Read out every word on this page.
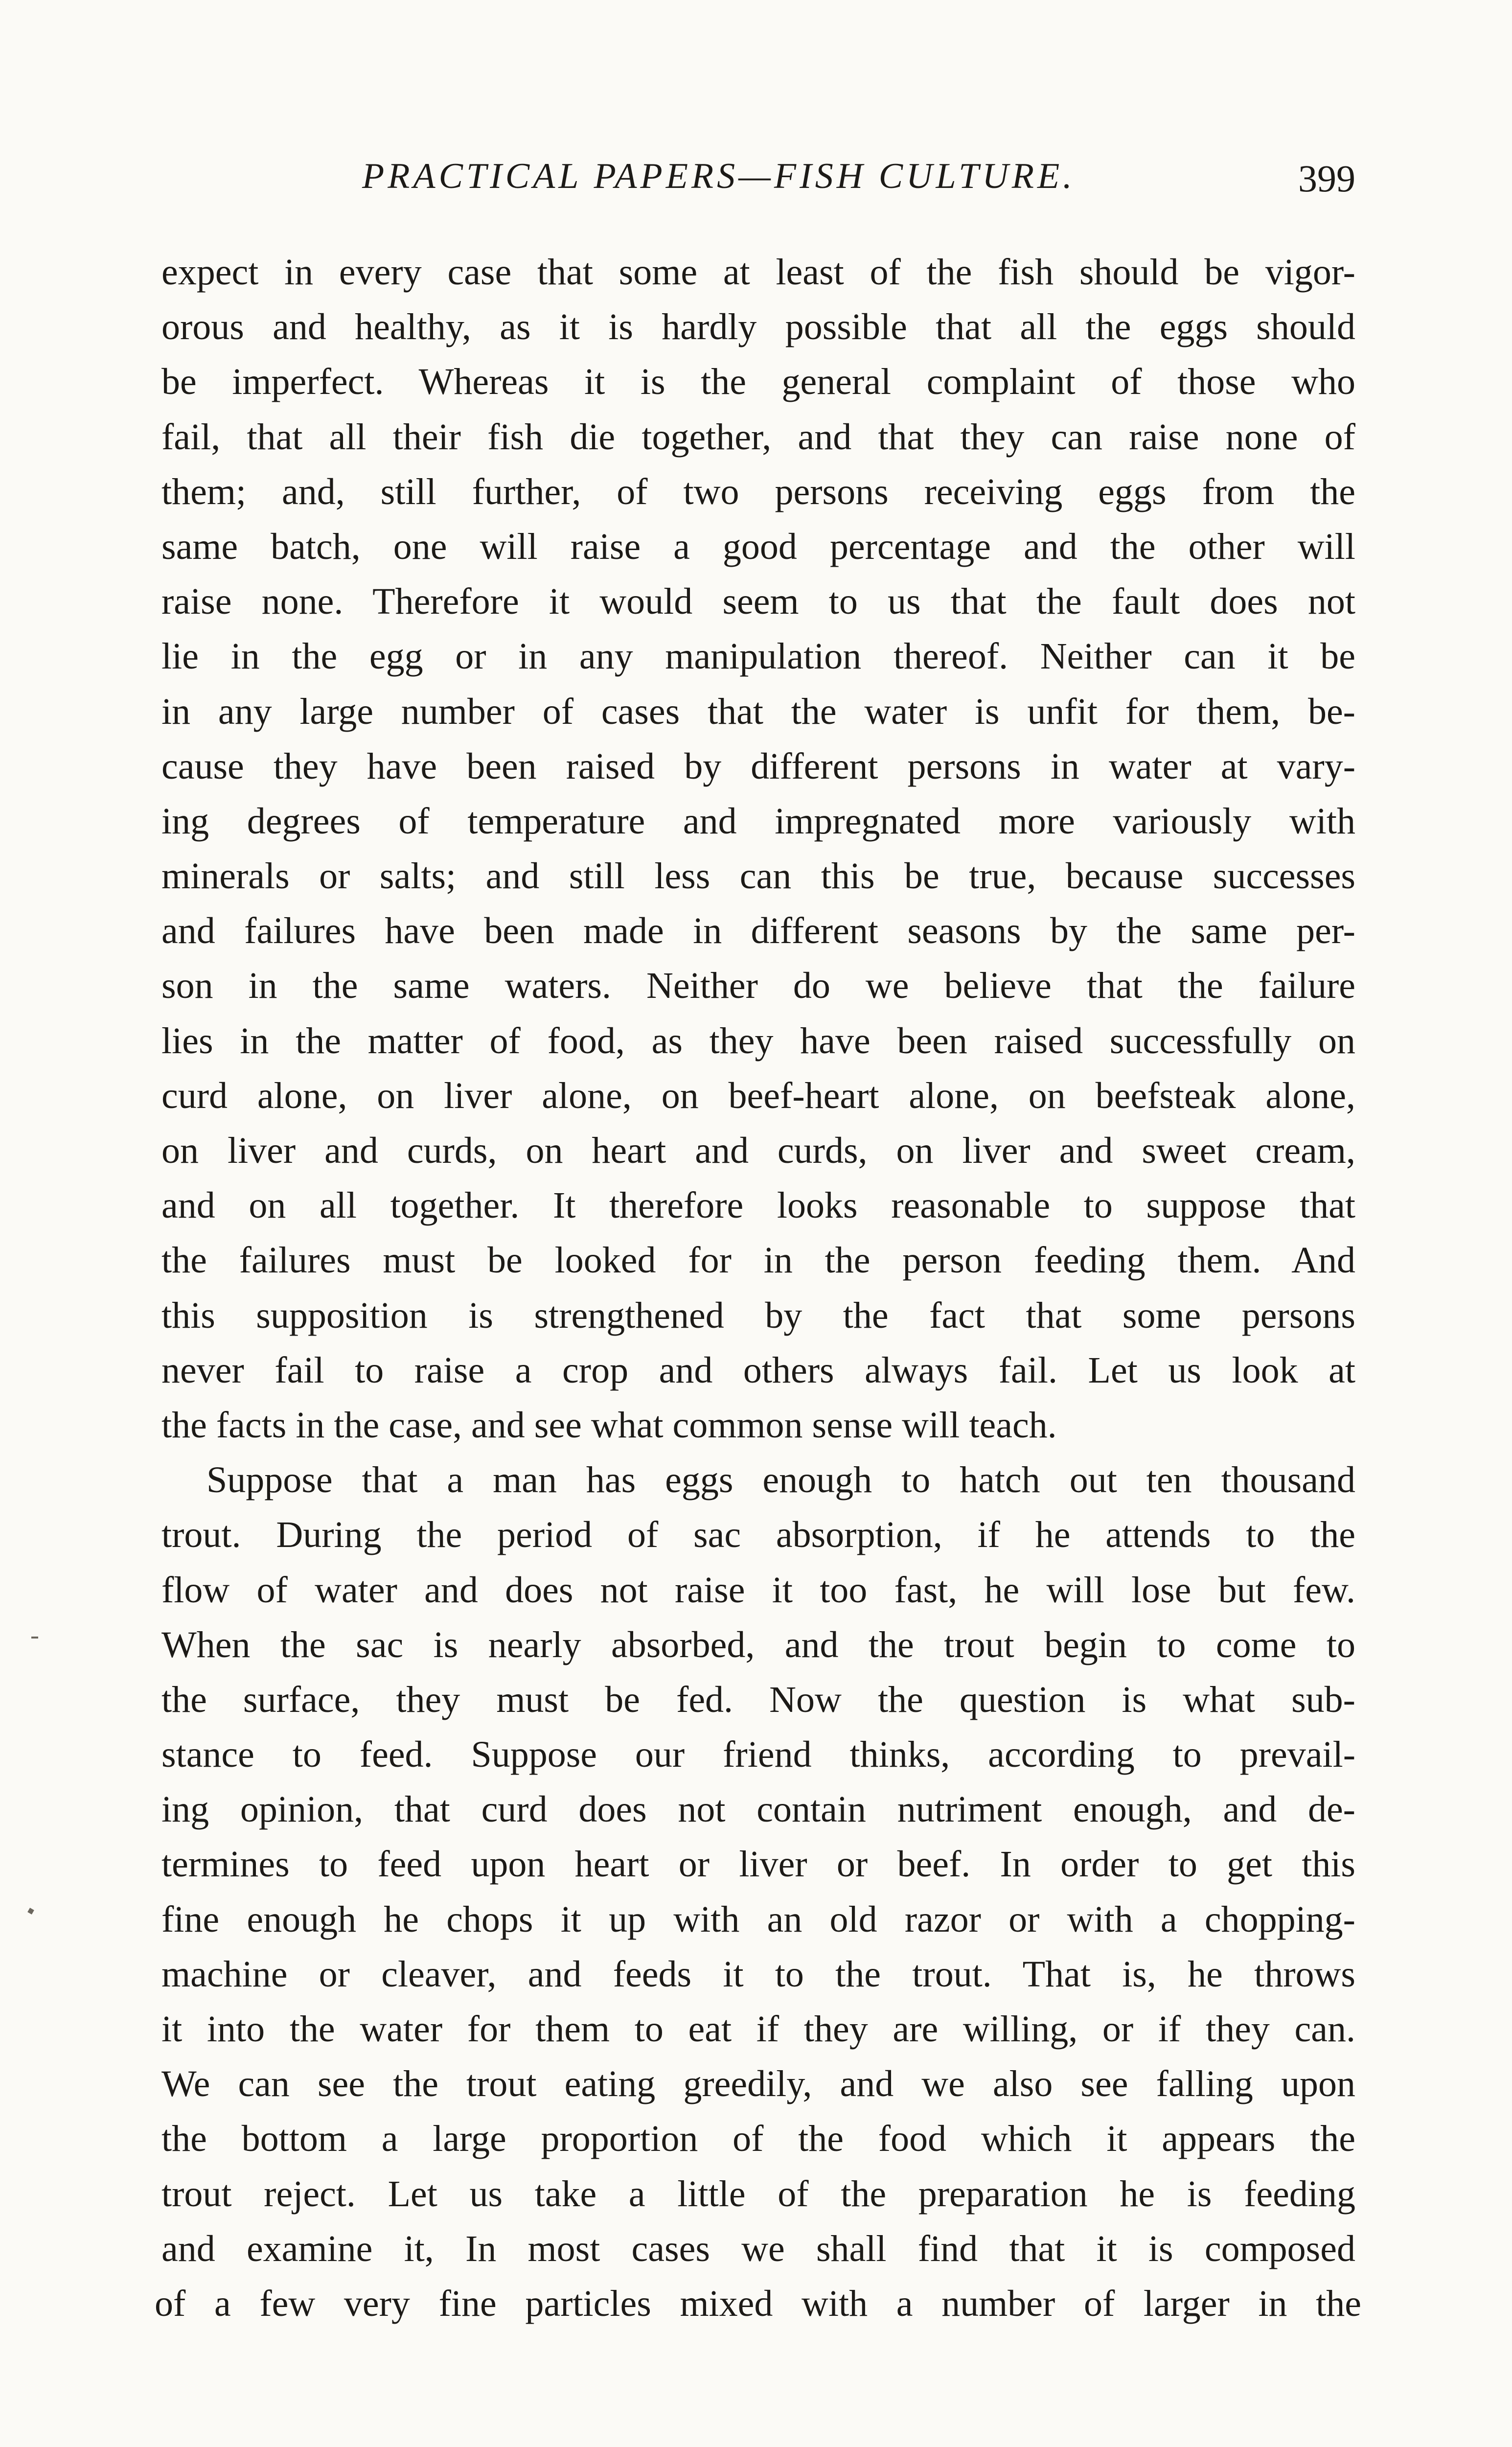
PRACTICAL PAPERS—FISH CULTURE.	399
expect in every case that some at least of the fish should be vigor-
orous and healthy, as it is hardly possible that all the eggs should
be imperfect. Whereas it is the general complaint of those who
fail, that all their fish die together, and that they can raise none of
them; and, still further, of two persons receiving eggs from the
same batch, one will raise a good percentage and the other will
raise none. Therefore it would seem to us that the fault does not
lie in the egg or in any manipulation thereof. Neither can it be
in any large number of cases that the water is unfit for them, be-
cause they have been raised by different persons in water at vary-
ing degrees of temperature and impregnated more variously with
minerals or salts; and still less can this be true, because successes
and failures have been made in different seasons by the same per-
son in the same waters. Neither do we believe that the failure
lies in the matter of food, as they have been raised successfully on
curd alone, on liver alone, on beef-heart alone, on beefsteak alone,
on liver and curds, on heart and curds, on liver and sweet cream,
and on all together. It therefore looks reasonable to suppose that
the failures must be looked for in the person feeding them. And
this supposition is strengthened by the fact that some persons
never fail to raise a crop and others always fail. Let us look at
the facts in the case, and see what common sense will teach.
Suppose that a man has eggs enough to hatch out ten thousand
trout. During the period of sac absorption, if he attends to the
flow of water and does not raise it too fast, he will lose but few.
When the sac is nearly absorbed, and the trout begin to come to
the surface, they must be fed. Now the question is what sub-
stance to feed. Suppose our friend thinks, according to prevail-
ing opinion, that curd does not contain nutriment enough, and de-
termines to feed upon heart or liver or beef. In order to get this
fine enough he chops it up with an old razor or with a chopping-
machine or cleaver, and feeds it to the trout. That is, he throws
it into the water for them to eat if they are willing, or if they can.
We can see the trout eating greedily, and we also see falling upon
the bottom a large proportion of the food which it appears the
trout reject. Let us take a little of the preparation he is feeding
and examine it, In most cases we shall find that it is composed
of a few very fine particles mixed with a number of larger in the
